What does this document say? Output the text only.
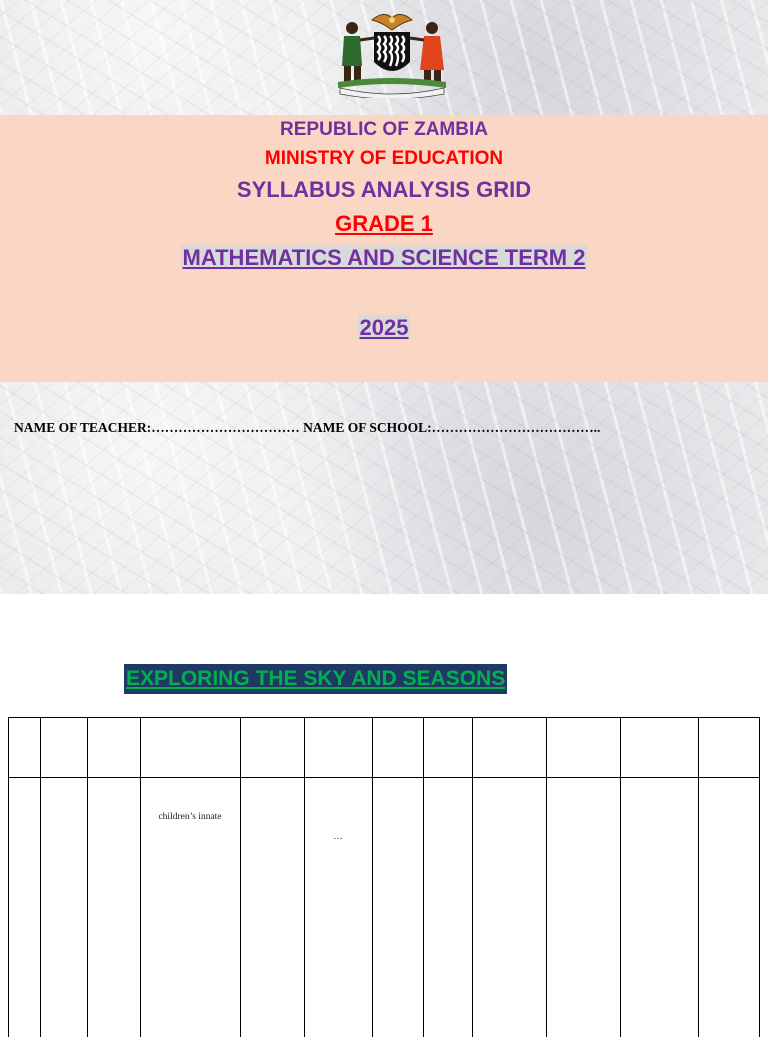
REPUBLIC OF ZAMBIA
MINISTRY OF EDUCATION
SYLLABUS ANALYSIS GRID
GRADE 1
MATHEMATICS AND SCIENCE TERM 2
2025
NAME OF TEACHER:…………………………… NAME OF SCHOOL:………………………………..
EXPLORING THE SKY AND SEASONS
children’s innate
…
